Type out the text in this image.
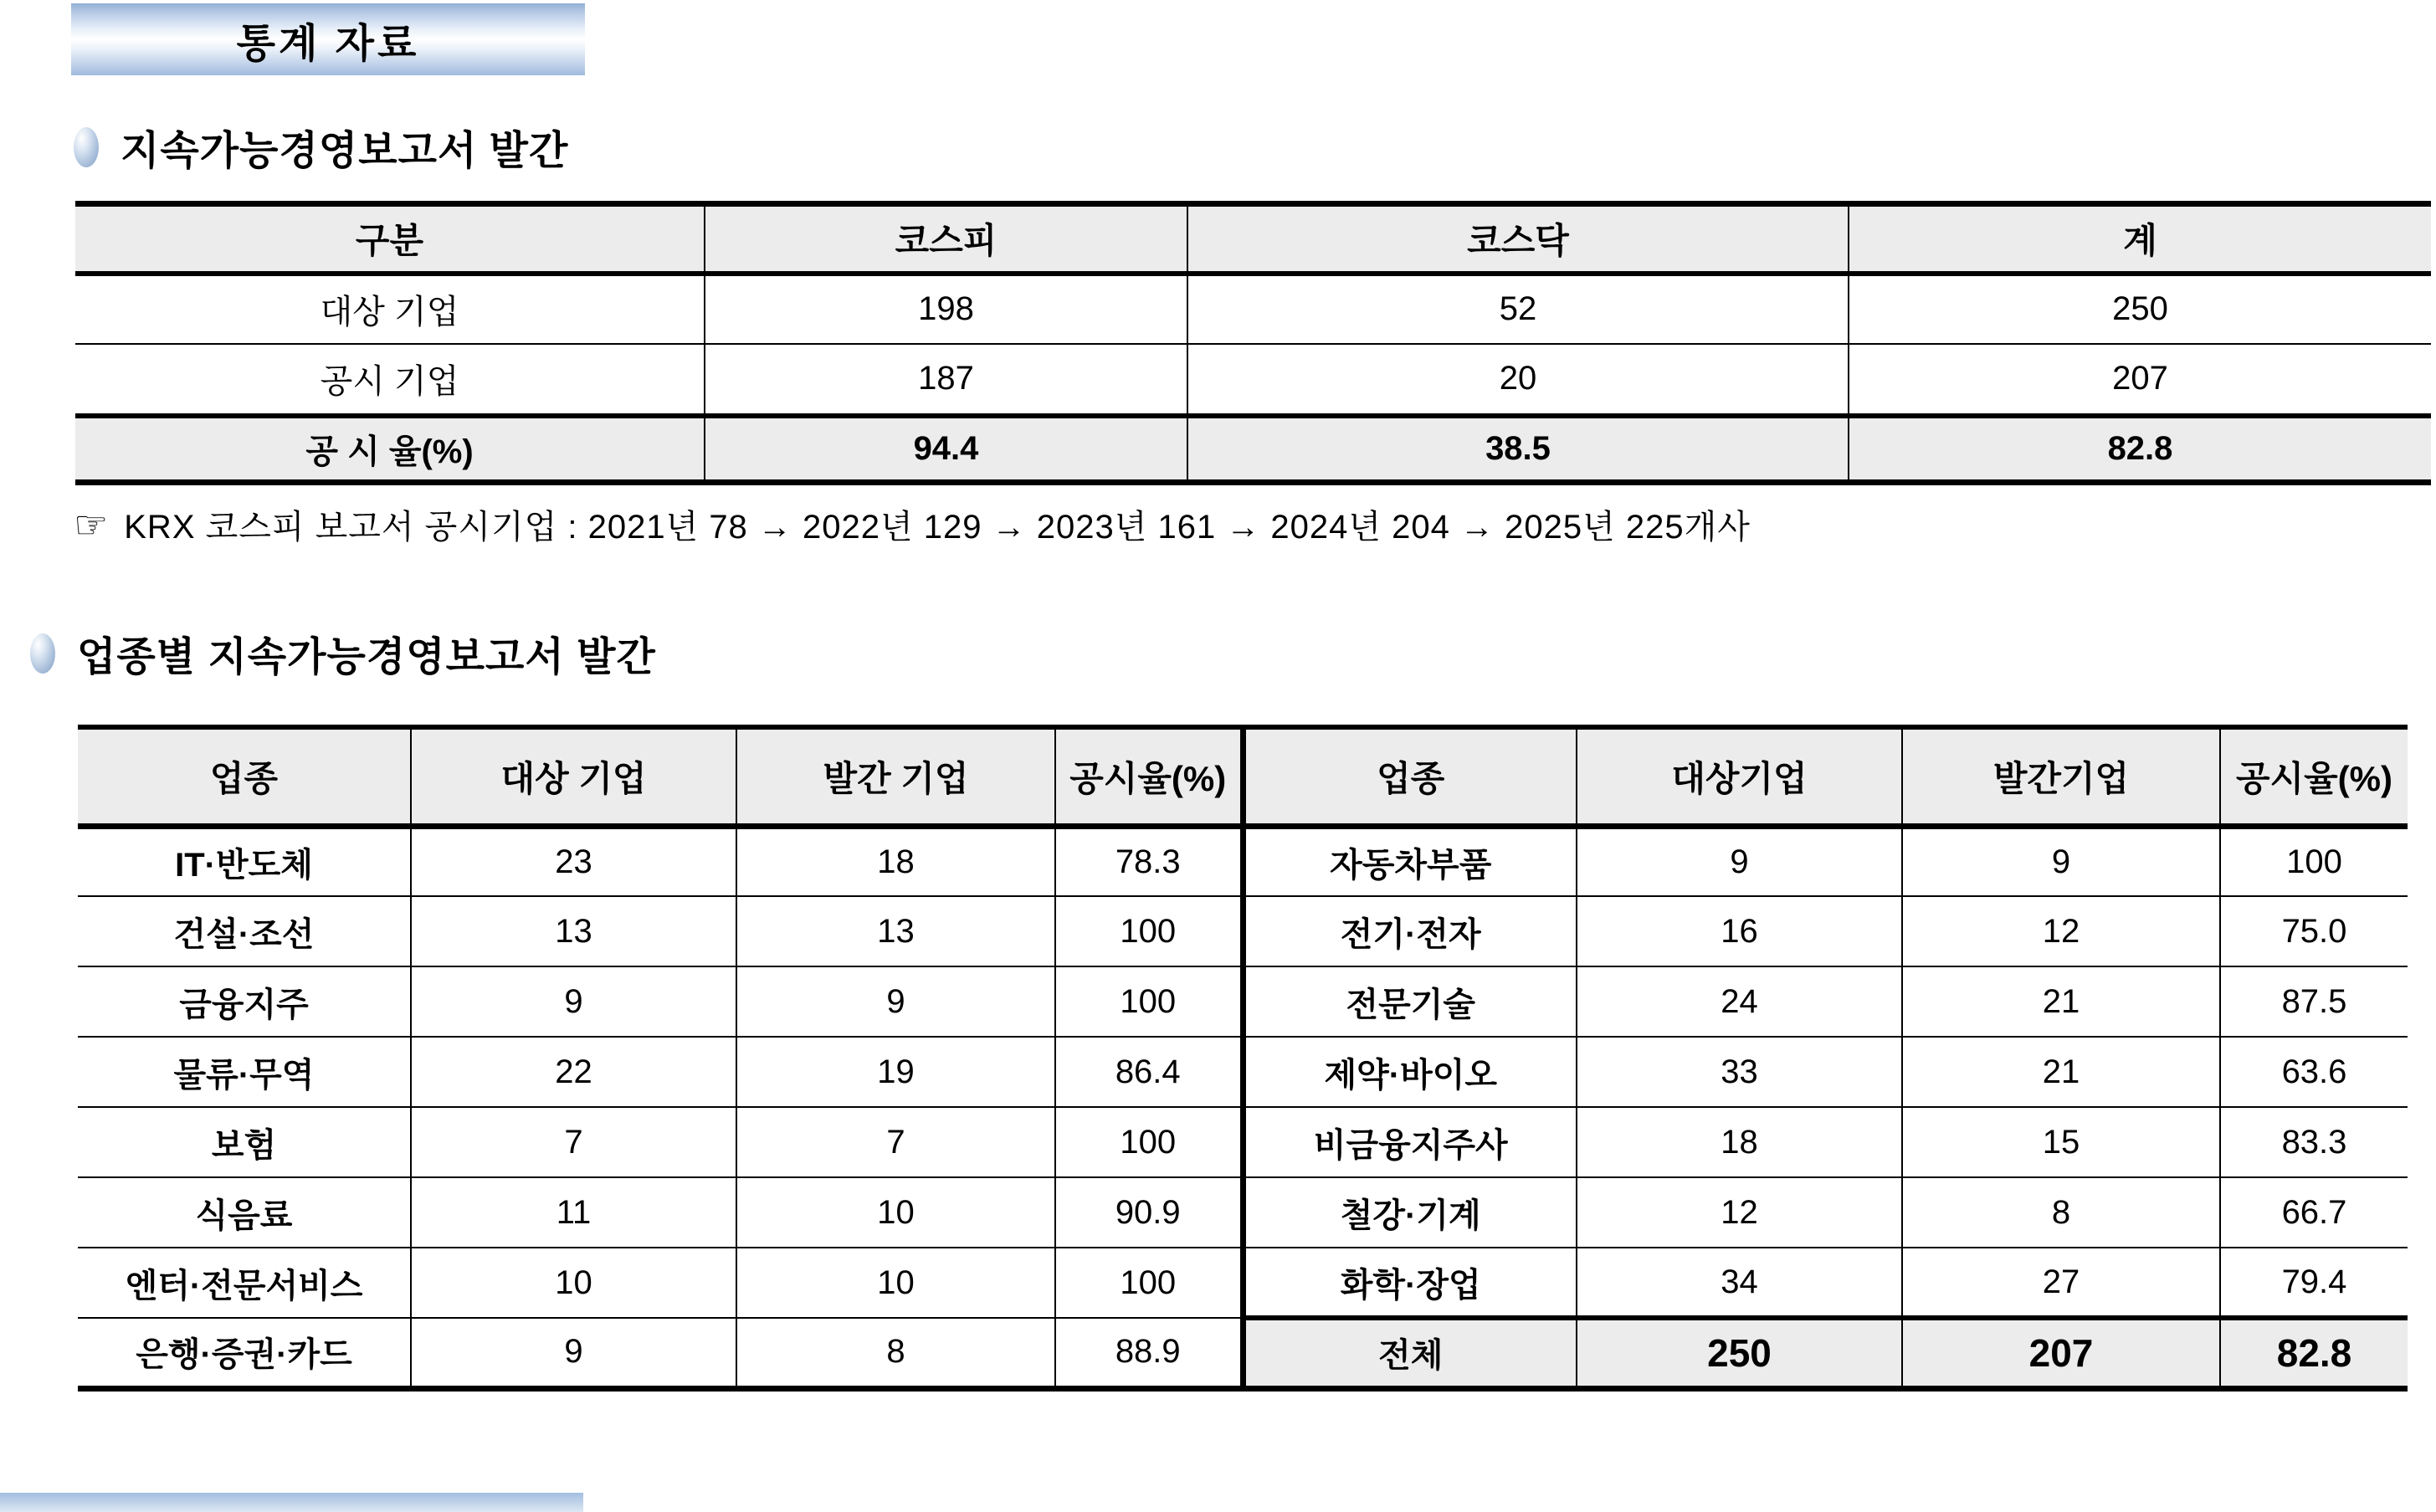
통계 자료
지속가능경영보고서 발간
구분	코스피	코스닥	계
대상 기업	198	52	250
공시 기업	187	20	207
공 시 율(%)	94.4	38.5	82.8
☞ KRX 코스피 보고서 공시기업 : 2021년 78 → 2022년 129 → 2023년 161 → 2024년 204 → 2025년 225개사
업종별 지속가능경영보고서 발간
업종	대상 기업	발간 기업	공시율(%)	업종	대상기업	발간기업	공시율(%)
IT·반도체	23	18	78.3	자동차부품	9	9	100
건설·조선	13	13	100	전기·전자	16	12	75.0
금융지주	9	9	100	전문기술	24	21	87.5
물류·무역	22	19	86.4	제약·바이오	33	21	63.6
보험	7	7	100	비금융지주사	18	15	83.3
식음료	11	10	90.9	철강·기계	12	8	66.7
엔터·전문서비스	10	10	100	화학·장업	34	27	79.4
은행·증권·카드	9	8	88.9	전체	250	207	82.8
